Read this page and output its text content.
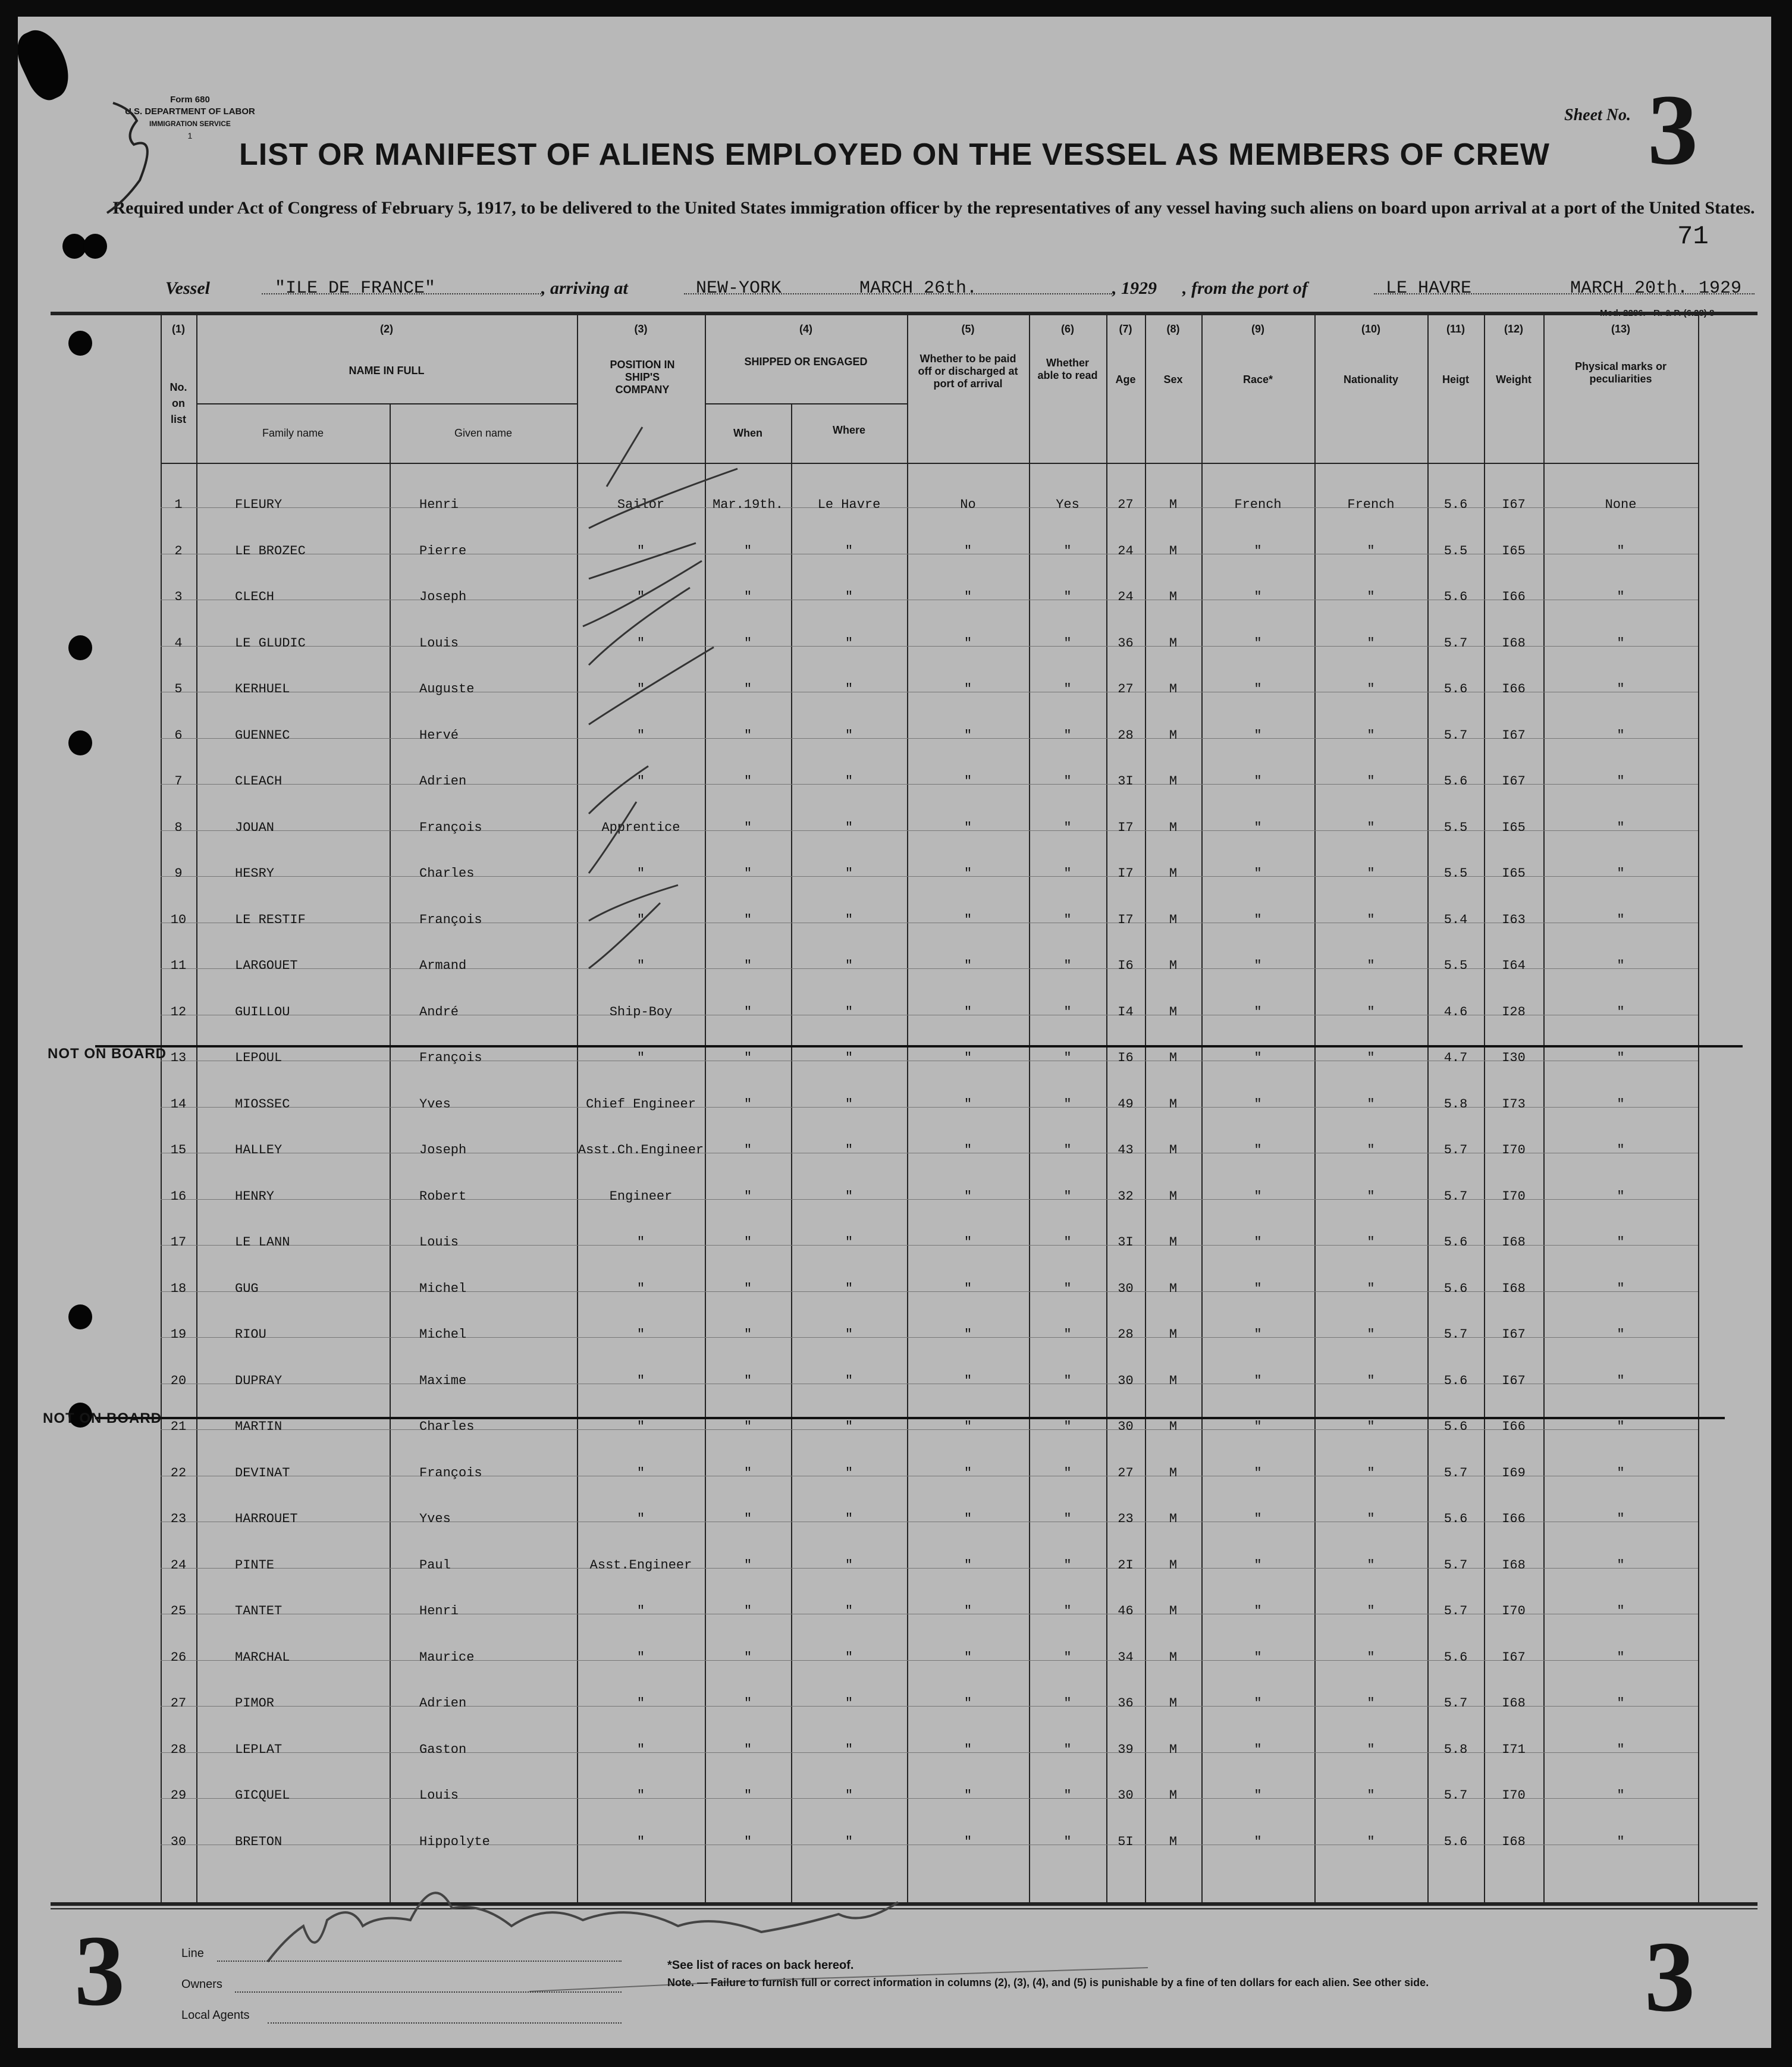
Form 680
U.S. DEPARTMENT OF LABOR
IMMIGRATION SERVICE
1
Sheet No. 3
LIST OR MANIFEST OF ALIENS EMPLOYED ON THE VESSEL AS MEMBERS OF CREW
Required under Act of Congress of February 5, 1917, to be delivered to the United States immigration officer by the representatives of any vessel having such aliens on board upon arrival at a port of the United States.
71
Vessel	"ILE DE FRANCE"	, arriving at	NEW-YORK	MARCH 26th.	, 1929 , from the port of	LE HAVRE	MARCH 20th. 1929
(1)
No. on list
(2)
NAME IN FULL
Family name	Given name
(3)
POSITION IN SHIP'S COMPANY
(4)
SHIPPED OR ENGAGED
When	Where
(5)
Whether to be paid off or discharged at port of arrival
(6)
Whether able to read
(7)
Age
(8)
Sex
(9)
Race*
(10)
Nationality
(11)
Heigt
(12)
Weight
(13)
Physical marks or peculiarities
1	FLEURY	Henri	Sailor	Mar.19th.	Le Havre	No	Yes	27	M	French	French	5.6	I67	None
2	LE BROZEC	Pierre	"	"	"	"	"	24	M	"	"	5.5	I65	"
3	CLECH	Joseph	"	"	"	"	"	24	M	"	"	5.6	I66	"
4	LE GLUDIC	Louis	"	"	"	"	"	36	M	"	"	5.7	I68	"
5	KERHUEL	Auguste	"	"	"	"	"	27	M	"	"	5.6	I66	"
6	GUENNEC	Hervé	"	"	"	"	"	28	M	"	"	5.7	I67	"
7	CLEACH	Adrien	"	"	"	"	"	3I	M	"	"	5.6	I67	"
8	JOUAN	François	Apprentice	"	"	"	"	I7	M	"	"	5.5	I65	"
9	HESRY	Charles	"	"	"	"	"	I7	M	"	"	5.5	I65	"
10	LE RESTIF	François	"	"	"	"	"	I7	M	"	"	5.4	I63	"
11	LARGOUET	Armand	"	"	"	"	"	I6	M	"	"	5.5	I64	"
12	GUILLOU	André	Ship-Boy	"	"	"	"	I4	M	"	"	4.6	I28	"
13	LEPOUL	François	"	"	"	"	"	I6	M	"	"	4.7	I30	"
14	MIOSSEC	Yves	Chief Engineer	"	"	"	"	49	M	"	"	5.8	I73	"
15	HALLEY	Joseph	Asst.Ch.Engineer	"	"	"	"	43	M	"	"	5.7	I70	"
16	HENRY	Robert	Engineer	"	"	"	"	32	M	"	"	5.7	I70	"
17	LE LANN	Louis	"	"	"	"	"	3I	M	"	"	5.6	I68	"
18	GUG	Michel	"	"	"	"	"	30	M	"	"	5.6	I68	"
19	RIOU	Michel	"	"	"	"	"	28	M	"	"	5.7	I67	"
20	DUPRAY	Maxime	"	"	"	"	"	30	M	"	"	5.6	I67	"
21	MARTIN	Charles	"	"	"	"	"	30	M	"	"	5.6	I66	"
22	DEVINAT	François	"	"	"	"	"	27	M	"	"	5.7	I69	"
23	HARROUET	Yves	"	"	"	"	"	23	M	"	"	5.6	I66	"
24	PINTE	Paul	Asst.Engineer	"	"	"	"	2I	M	"	"	5.7	I68	"
25	TANTET	Henri	"	"	"	"	"	46	M	"	"	5.7	I70	"
26	MARCHAL	Maurice	"	"	"	"	"	34	M	"	"	5.6	I67	"
27	PIMOR	Adrien	"	"	"	"	"	36	M	"	"	5.7	I68	"
28	LEPLAT	Gaston	"	"	"	"	"	39	M	"	"	5.8	I71	"
29	GICQUEL	Louis	"	"	"	"	"	30	M	"	"	5.7	I70	"
30	BRETON	Hippolyte	"	"	"	"	"	5I	M	"	"	5.6	I68	"
NOT ON BOARD
NOT ON BOARD
3	3
Line
Owners
Local Agents
*See list of races on back hereof.
Note. — Failure to furnish full or correct information in columns (2), (3), (4), and (5) is punishable by a fine of ten dollars for each alien. See other side.
